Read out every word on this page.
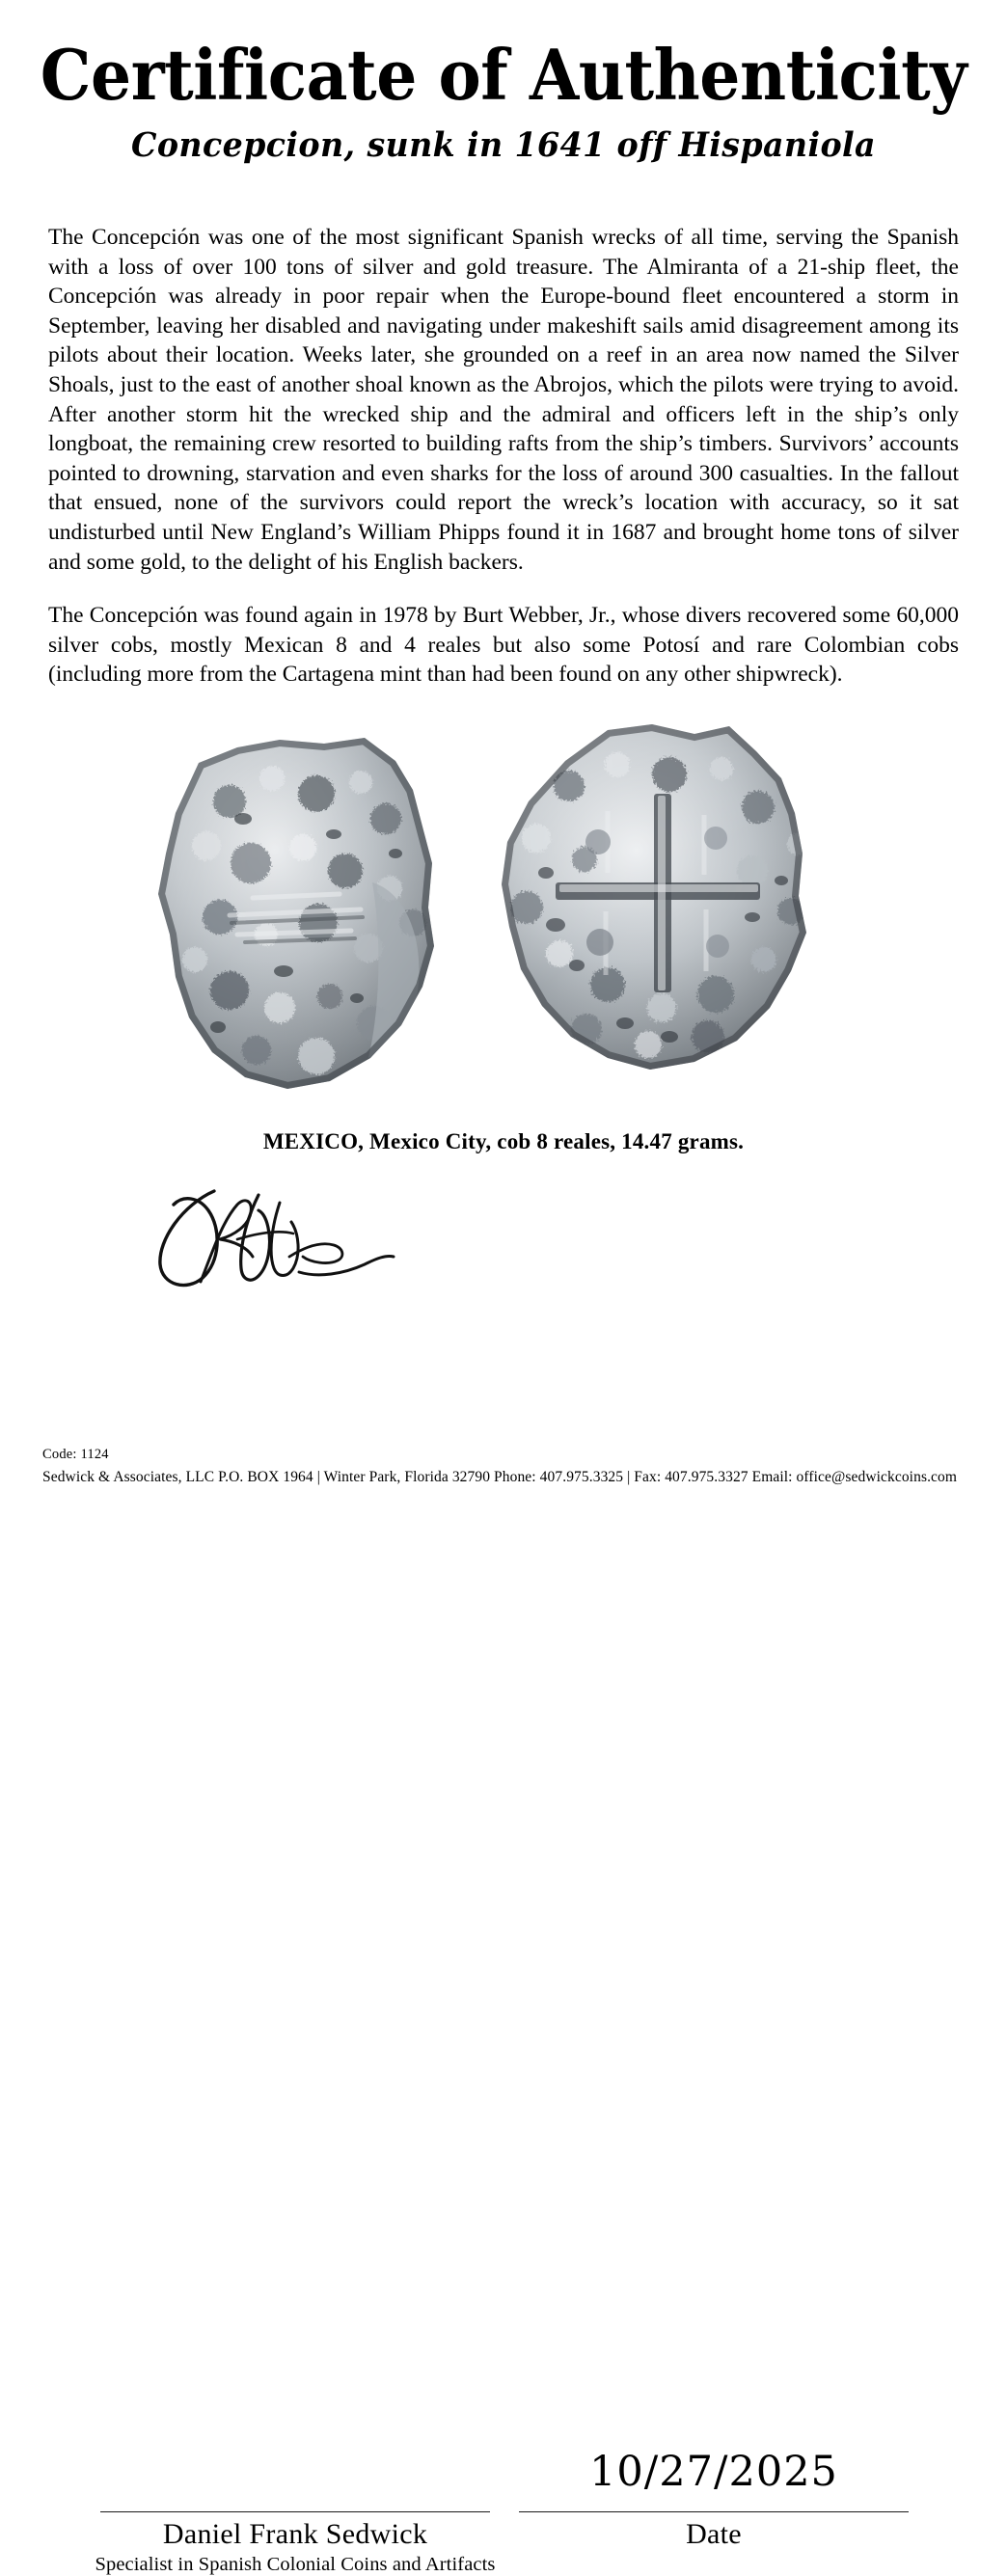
Certificate of Authenticity
Concepcion, sunk in 1641 off Hispaniola

The Concepción was one of the most significant Spanish wrecks of all time, serving the Spanish with a loss of over 100 tons of silver and gold treasure. The Almiranta of a 21-ship fleet, the Concepción was already in poor repair when the Europe-bound fleet encountered a storm in September, leaving her disabled and navigating under makeshift sails amid disagreement among its pilots about their location. Weeks later, she grounded on a reef in an area now named the Silver Shoals, just to the east of another shoal known as the Abrojos, which the pilots were trying to avoid. After another storm hit the wrecked ship and the admiral and officers left in the ship’s only longboat, the remaining crew resorted to building rafts from the ship’s timbers. Survivors’ accounts pointed to drowning, starvation and even sharks for the loss of around 300 casualties. In the fallout that ensued, none of the survivors could report the wreck’s location with accuracy, so it sat undisturbed until New England’s William Phipps found it in 1687 and brought home tons of silver and some gold, to the delight of his English backers.

The Concepción was found again in 1978 by Burt Webber, Jr., whose divers recovered some 60,000 silver cobs, mostly Mexican 8 and 4 reales but also some Potosí and rare Colombian cobs (including more from the Cartagena mint than had been found on any other shipwreck).

MEXICO, Mexico City, cob 8 reales, 14.47 grams.
10/27/2025
Daniel Frank Sedwick
Specialist in Spanish Colonial Coins and Artifacts
Date
Code: 1124
Sedwick & Associates, LLC P.O. BOX 1964 | Winter Park, Florida 32790 Phone: 407.975.3325 | Fax: 407.975.3327 Email: office@sedwickcoins.com
